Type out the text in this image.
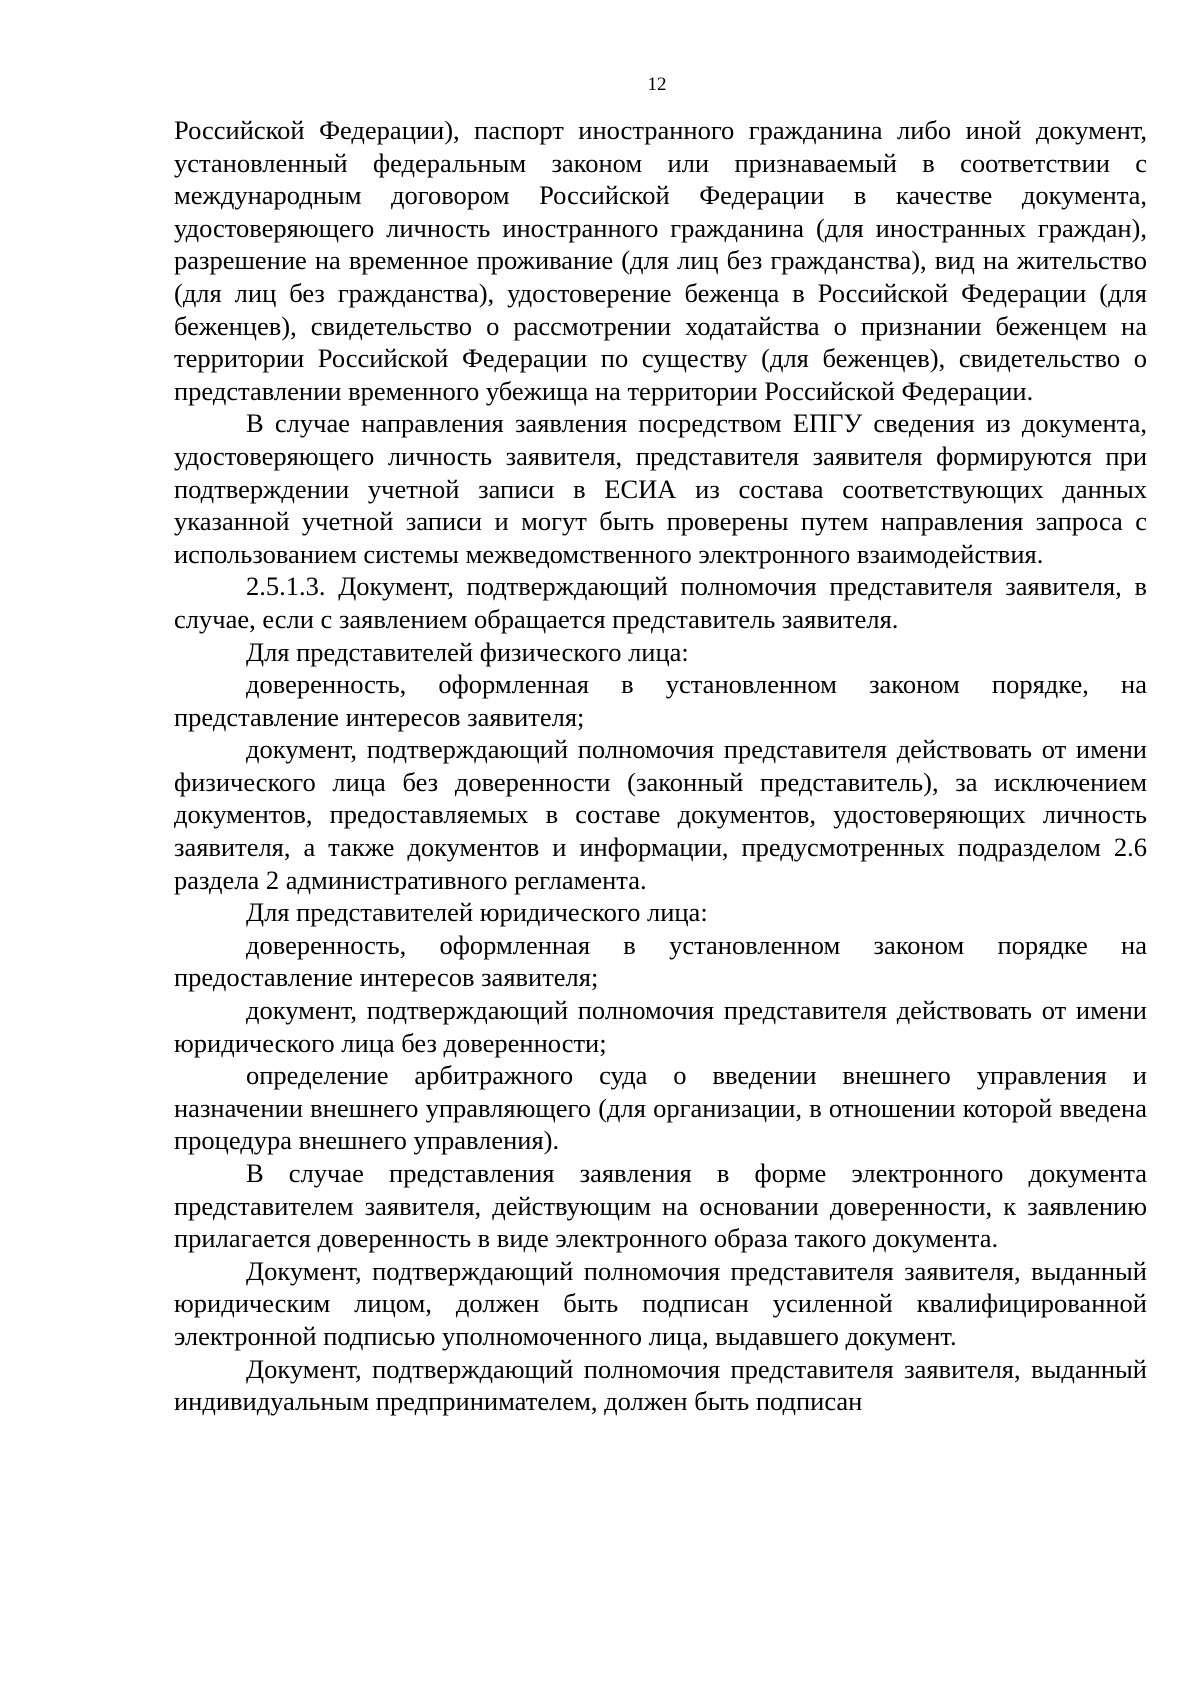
12

Российской Федерации), паспорт иностранного гражданина либо иной документ, установленный федеральным законом или признаваемый в соответствии с международным договором Российской Федерации в качестве документа, удостоверяющего личность иностранного гражданина (для иностранных граждан), разрешение на временное проживание (для лиц без гражданства), вид на жительство (для лиц без гражданства), удостоверение беженца в Российской Федерации (для беженцев), свидетельство о рассмотрении ходатайства о признании беженцем на территории Российской Федерации по существу (для беженцев), свидетельство о представлении временного убежища на территории Российской Федерации.

В случае направления заявления посредством ЕПГУ сведения из документа, удостоверяющего личность заявителя, представителя заявителя формируются при подтверждении учетной записи в ЕСИА из состава соответствующих данных указанной учетной записи и могут быть проверены путем направления запроса с использованием системы межведомственного электронного взаимодействия.

2.5.1.3. Документ, подтверждающий полномочия представителя заявителя, в случае, если с заявлением обращается представитель заявителя.

Для представителей физического лица:

доверенность, оформленная в установленном законом порядке, на представление интересов заявителя;

документ, подтверждающий полномочия представителя действовать от имени физического лица без доверенности (законный представитель), за исключением документов, предоставляемых в составе документов, удостоверяющих личность заявителя, а также документов и информации, предусмотренных подразделом 2.6 раздела 2 административного регламента.

Для представителей юридического лица:

доверенность, оформленная в установленном законом порядке на предоставление интересов заявителя;

документ, подтверждающий полномочия представителя действовать от имени юридического лица без доверенности;

определение арбитражного суда о введении внешнего управления и назначении внешнего управляющего (для организации, в отношении которой введена процедура внешнего управления).

В случае представления заявления в форме электронного документа представителем заявителя, действующим на основании доверенности, к заявлению прилагается доверенность в виде электронного образа такого документа.

Документ, подтверждающий полномочия представителя заявителя, выданный юридическим лицом, должен быть подписан усиленной квалифицированной электронной подписью уполномоченного лица, выдавшего документ.

Документ, подтверждающий полномочия представителя заявителя, выданный индивидуальным предпринимателем, должен быть подписан
